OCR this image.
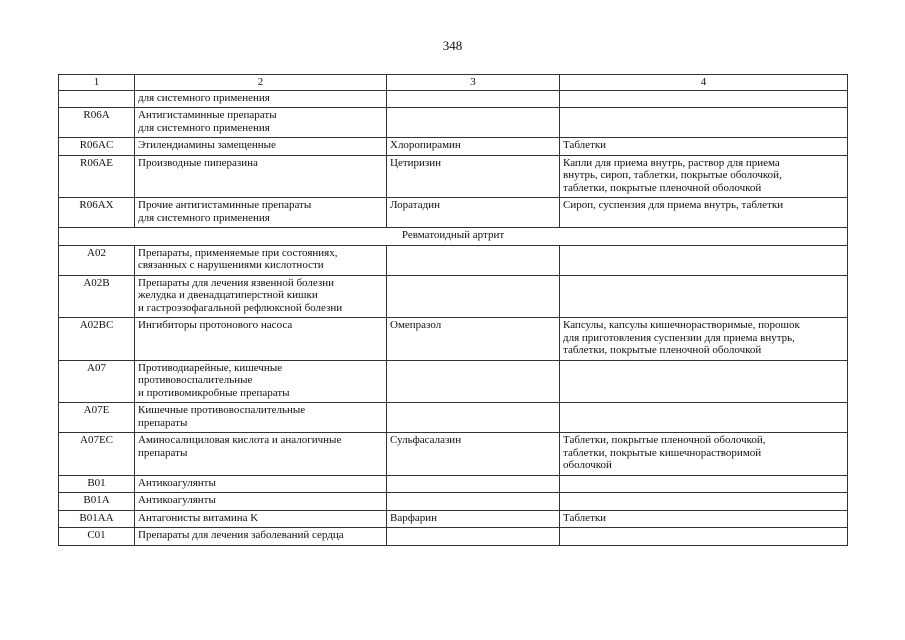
348
1	2	3	4

	для системного применения		

R06A	Антигистаминные препараты
для системного применения		

R06AC	Этилендиамины замещенные	Хлоропирамин	Таблетки

R06AE	Производные пиперазина	Цетиризин	Капли для приема внутрь, раствор для приема
внутрь, сироп, таблетки, покрытые оболочкой,
таблетки, покрытые пленочной оболочкой

R06AX	Прочие антигистаминные препараты
для системного применения	Лоратадин	Сироп, суспензия для приема внутрь, таблетки

Ревматоидный артрит			
A02	Препараты, применяемые при состояниях,
связанных с нарушениями кислотности		

A02B	Препараты для лечения язвенной болезни
желудка и двенадцатиперстной кишки
и гастроэзофагальной рефлюксной болезни		

A02BC	Ингибиторы протонового насоса	Омепразол	Капсулы, капсулы кишечнорастворимые, порошок
для приготовления суспензии для приема внутрь,
таблетки, покрытые пленочной оболочкой

A07	Противодиарейные, кишечные
противовоспалительные
и противомикробные препараты		

A07E	Кишечные противовоспалительные
препараты		

A07EC	Аминосалициловая кислота и аналогичные
препараты	Сульфасалазин	Таблетки, покрытые пленочной оболочкой,
таблетки, покрытые кишечнорастворимой
оболочкой

B01	Антикоагулянты		

B01A	Антикоагулянты		

B01AA	Антагонисты витамина K	Варфарин	Таблетки

C01	Препараты для лечения заболеваний сердца		
